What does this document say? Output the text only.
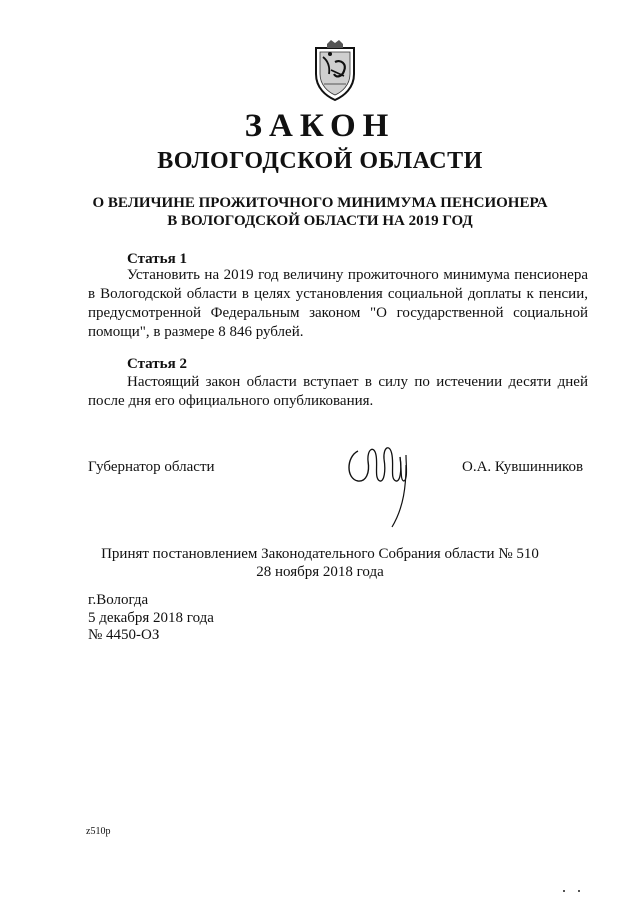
ЗАКОН
ВОЛОГОДСКОЙ ОБЛАСТИ
О ВЕЛИЧИНЕ ПРОЖИТОЧНОГО МИНИМУМА ПЕНСИОНЕРА
В ВОЛОГОДСКОЙ ОБЛАСТИ НА 2019 ГОД
Статья 1

Установить на 2019 год величину прожиточного минимума пенсионера в Вологодской области в целях установления социальной доплаты к пенсии, предусмотренной Федеральным законом "О государственной социальной помощи", в размере 8 846 рублей.

Статья 2

Настоящий закон области вступает в силу по истечении десяти дней после дня его официального опубликования.

Губернатор области	О.А. Кувшинников
Принят постановлением Законодательного Собрания области № 510
28 ноября 2018 года
г.Вологда
5 декабря 2018 года
№ 4450-ОЗ
z510p
